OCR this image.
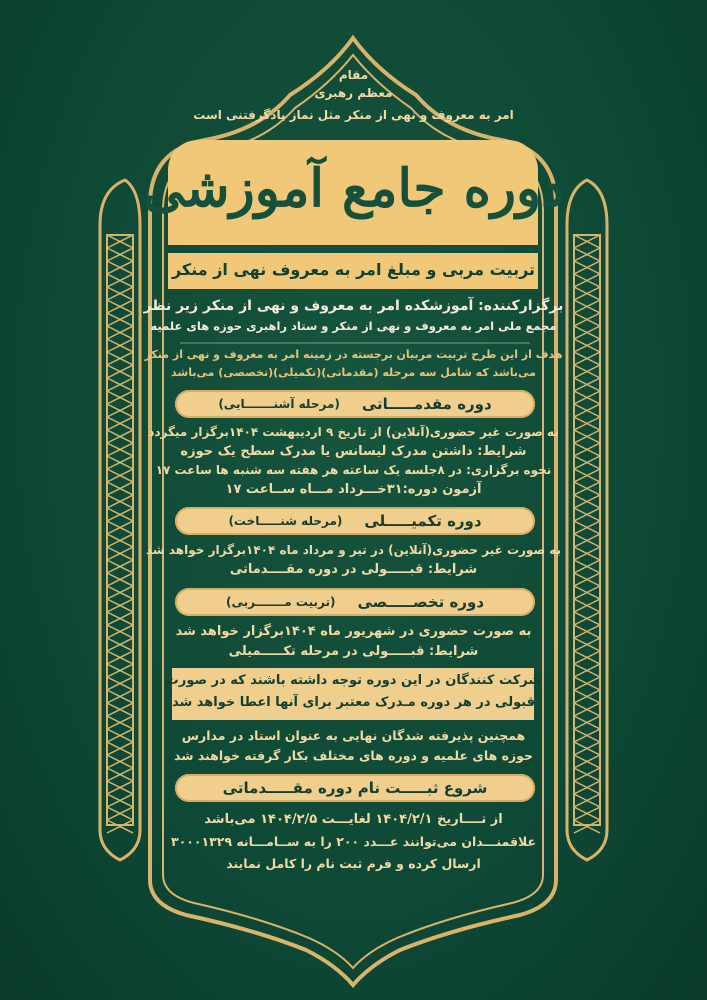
مقام
معظم رهبری
امر به معروف و نهی از منکر مثل نماز یادگرفتنی است
دوره جامع آموزشی
تربیت مربی و مبلغ امر به معروف نهی از منکر
برگزارکننده: آموزشکده امر به معروف و نهی از منکر زیر نظر
مجمع ملی امر به معروف و نهی از منکر و ستاد راهبری حوزه های علمیه
هدف از این طرح تربیت مربیان برجسته در زمینه امر به معروف و نهی از منکر
می‌باشد که شامل سه مرحله (مقدماتی)(تکمیلی)(تخصصی) می‌باشد
دوره مقدمـــــاتی
(مرحله آشنـــــــایی)
به صورت غیر حضوری(آنلاین) از تاریخ ۹ اردیبهشت ۱۴۰۴برگزار میگردد
شرایط: داشتن مدرک لیسانس یا مدرک سطح یک حوزه
نحوه برگزاری: در ۸جلسه یک ساعته هر هفته سه شنبه ها ساعت ۱۷
آزمون دوره:۳۱خـــرداد مـــاه ســاعت ۱۷
دوره تکمیـــــلی
(مرحله شنـــــاخت)
به صورت غیر حضوری(آنلاین) در تیر و مرداد ماه ۱۴۰۴برگزار خواهد شد
شرایط: قبـــــولی در دوره مقــــدماتی
دوره تخصـــــصی
(تربیت مـــــــربی)
به صورت حضوری در شهریور ماه ۱۴۰۴برگزار خواهد شد
شرایط: قبـــــولی در مرحله تکـــــمیلی
شرکت کنندگان در این دوره توجه داشته باشند که در صورت
قبولی در هر دوره مـدرک معتبر برای آنها اعطا خواهد شد
همچنین پذیرفته شدگان نهایی به عنوان استاد در مدارس
حوزه های علمیه و دوره های مختلف بکار گرفته خواهند شد
شروع ثبـــــت نام دوره مقـــــدماتی
از تــــاریخ ۱۴۰۴/۲/۱ لغایـــت ۱۴۰۴/۲/۵ می‌باشد
علاقمنـــدان می‌توانند عـــدد ۲۰۰ را به ســامـــانه ۳۰۰۰۱۳۲۹
ارسال کرده و فرم ثبت نام را کامل نمایند
